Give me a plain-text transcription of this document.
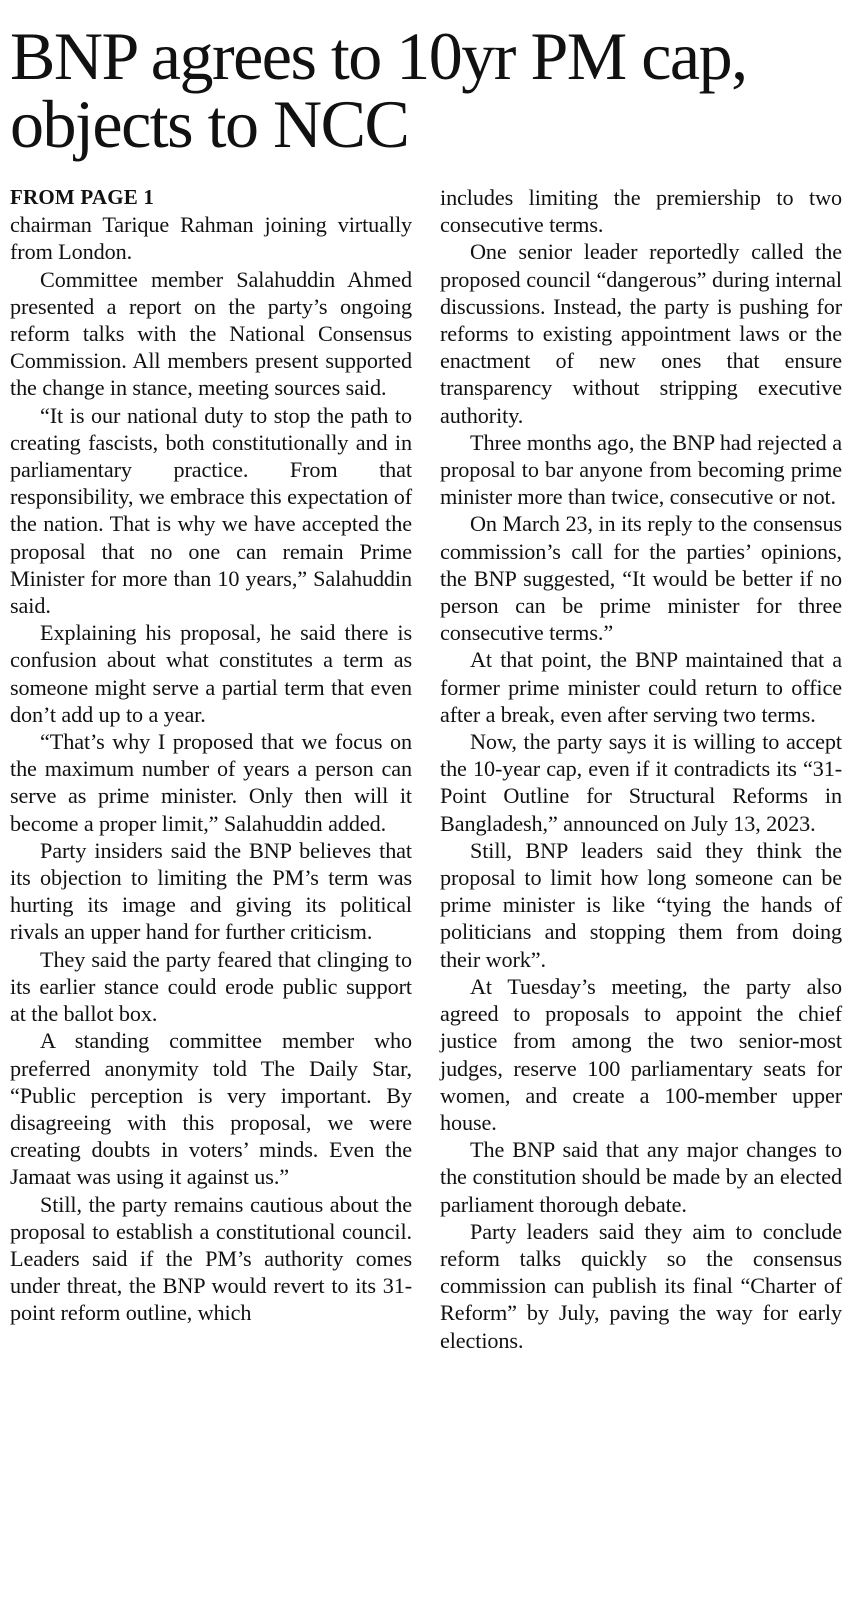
BNP agrees to 10yr PM cap, objects to NCC

FROM PAGE 1

chairman Tarique Rahman joining virtually from London.

Committee member Salahuddin Ahmed presented a report on the party’s ongoing reform talks with the National Consensus Commission. All members present supported the change in stance, meeting sources said.

“It is our national duty to stop the path to creating fascists, both constitutionally and in parliamentary practice. From that responsibility, we embrace this expectation of the nation. That is why we have accepted the proposal that no one can remain Prime Minister for more than 10 years,” Salahuddin said.

Explaining his proposal, he said there is confusion about what constitutes a term as someone might serve a partial term that even don’t add up to a year.

“That’s why I proposed that we focus on the maximum number of years a person can serve as prime minister. Only then will it become a proper limit,” Salahuddin added.

Party insiders said the BNP believes that its objection to limiting the PM’s term was hurting its image and giving its political rivals an upper hand for further criticism.

They said the party feared that clinging to its earlier stance could erode public support at the ballot box.

A standing committee member who preferred anonymity told The Daily Star, “Public perception is very important. By disagreeing with this proposal, we were creating doubts in voters’ minds. Even the Jamaat was using it against us.”

Still, the party remains cautious about the proposal to establish a constitutional council. Leaders said if the PM’s authority comes under threat, the BNP would revert to its 31-point reform outline, which

includes limiting the premiership to two consecutive terms.

One senior leader reportedly called the proposed council “dangerous” during internal discussions. Instead, the party is pushing for reforms to existing appointment laws or the enactment of new ones that ensure transparency without stripping executive authority.

Three months ago, the BNP had rejected a proposal to bar anyone from becoming prime minister more than twice, consecutive or not.

On March 23, in its reply to the consensus commission’s call for the parties’ opinions, the BNP suggested, “It would be better if no person can be prime minister for three consecutive terms.”

At that point, the BNP maintained that a former prime minister could return to office after a break, even after serving two terms.

Now, the party says it is willing to accept the 10-year cap, even if it contradicts its “31-Point Outline for Structural Reforms in Bangladesh,” announced on July 13, 2023.

Still, BNP leaders said they think the proposal to limit how long someone can be prime minister is like “tying the hands of politicians and stopping them from doing their work”.

At Tuesday’s meeting, the party also agreed to proposals to appoint the chief justice from among the two senior-most judges, reserve 100 parliamentary seats for women, and create a 100-member upper house.

The BNP said that any major changes to the constitution should be made by an elected parliament thorough debate.

Party leaders said they aim to conclude reform talks quickly so the consensus commission can publish its final “Charter of Reform” by July, paving the way for early elections.
